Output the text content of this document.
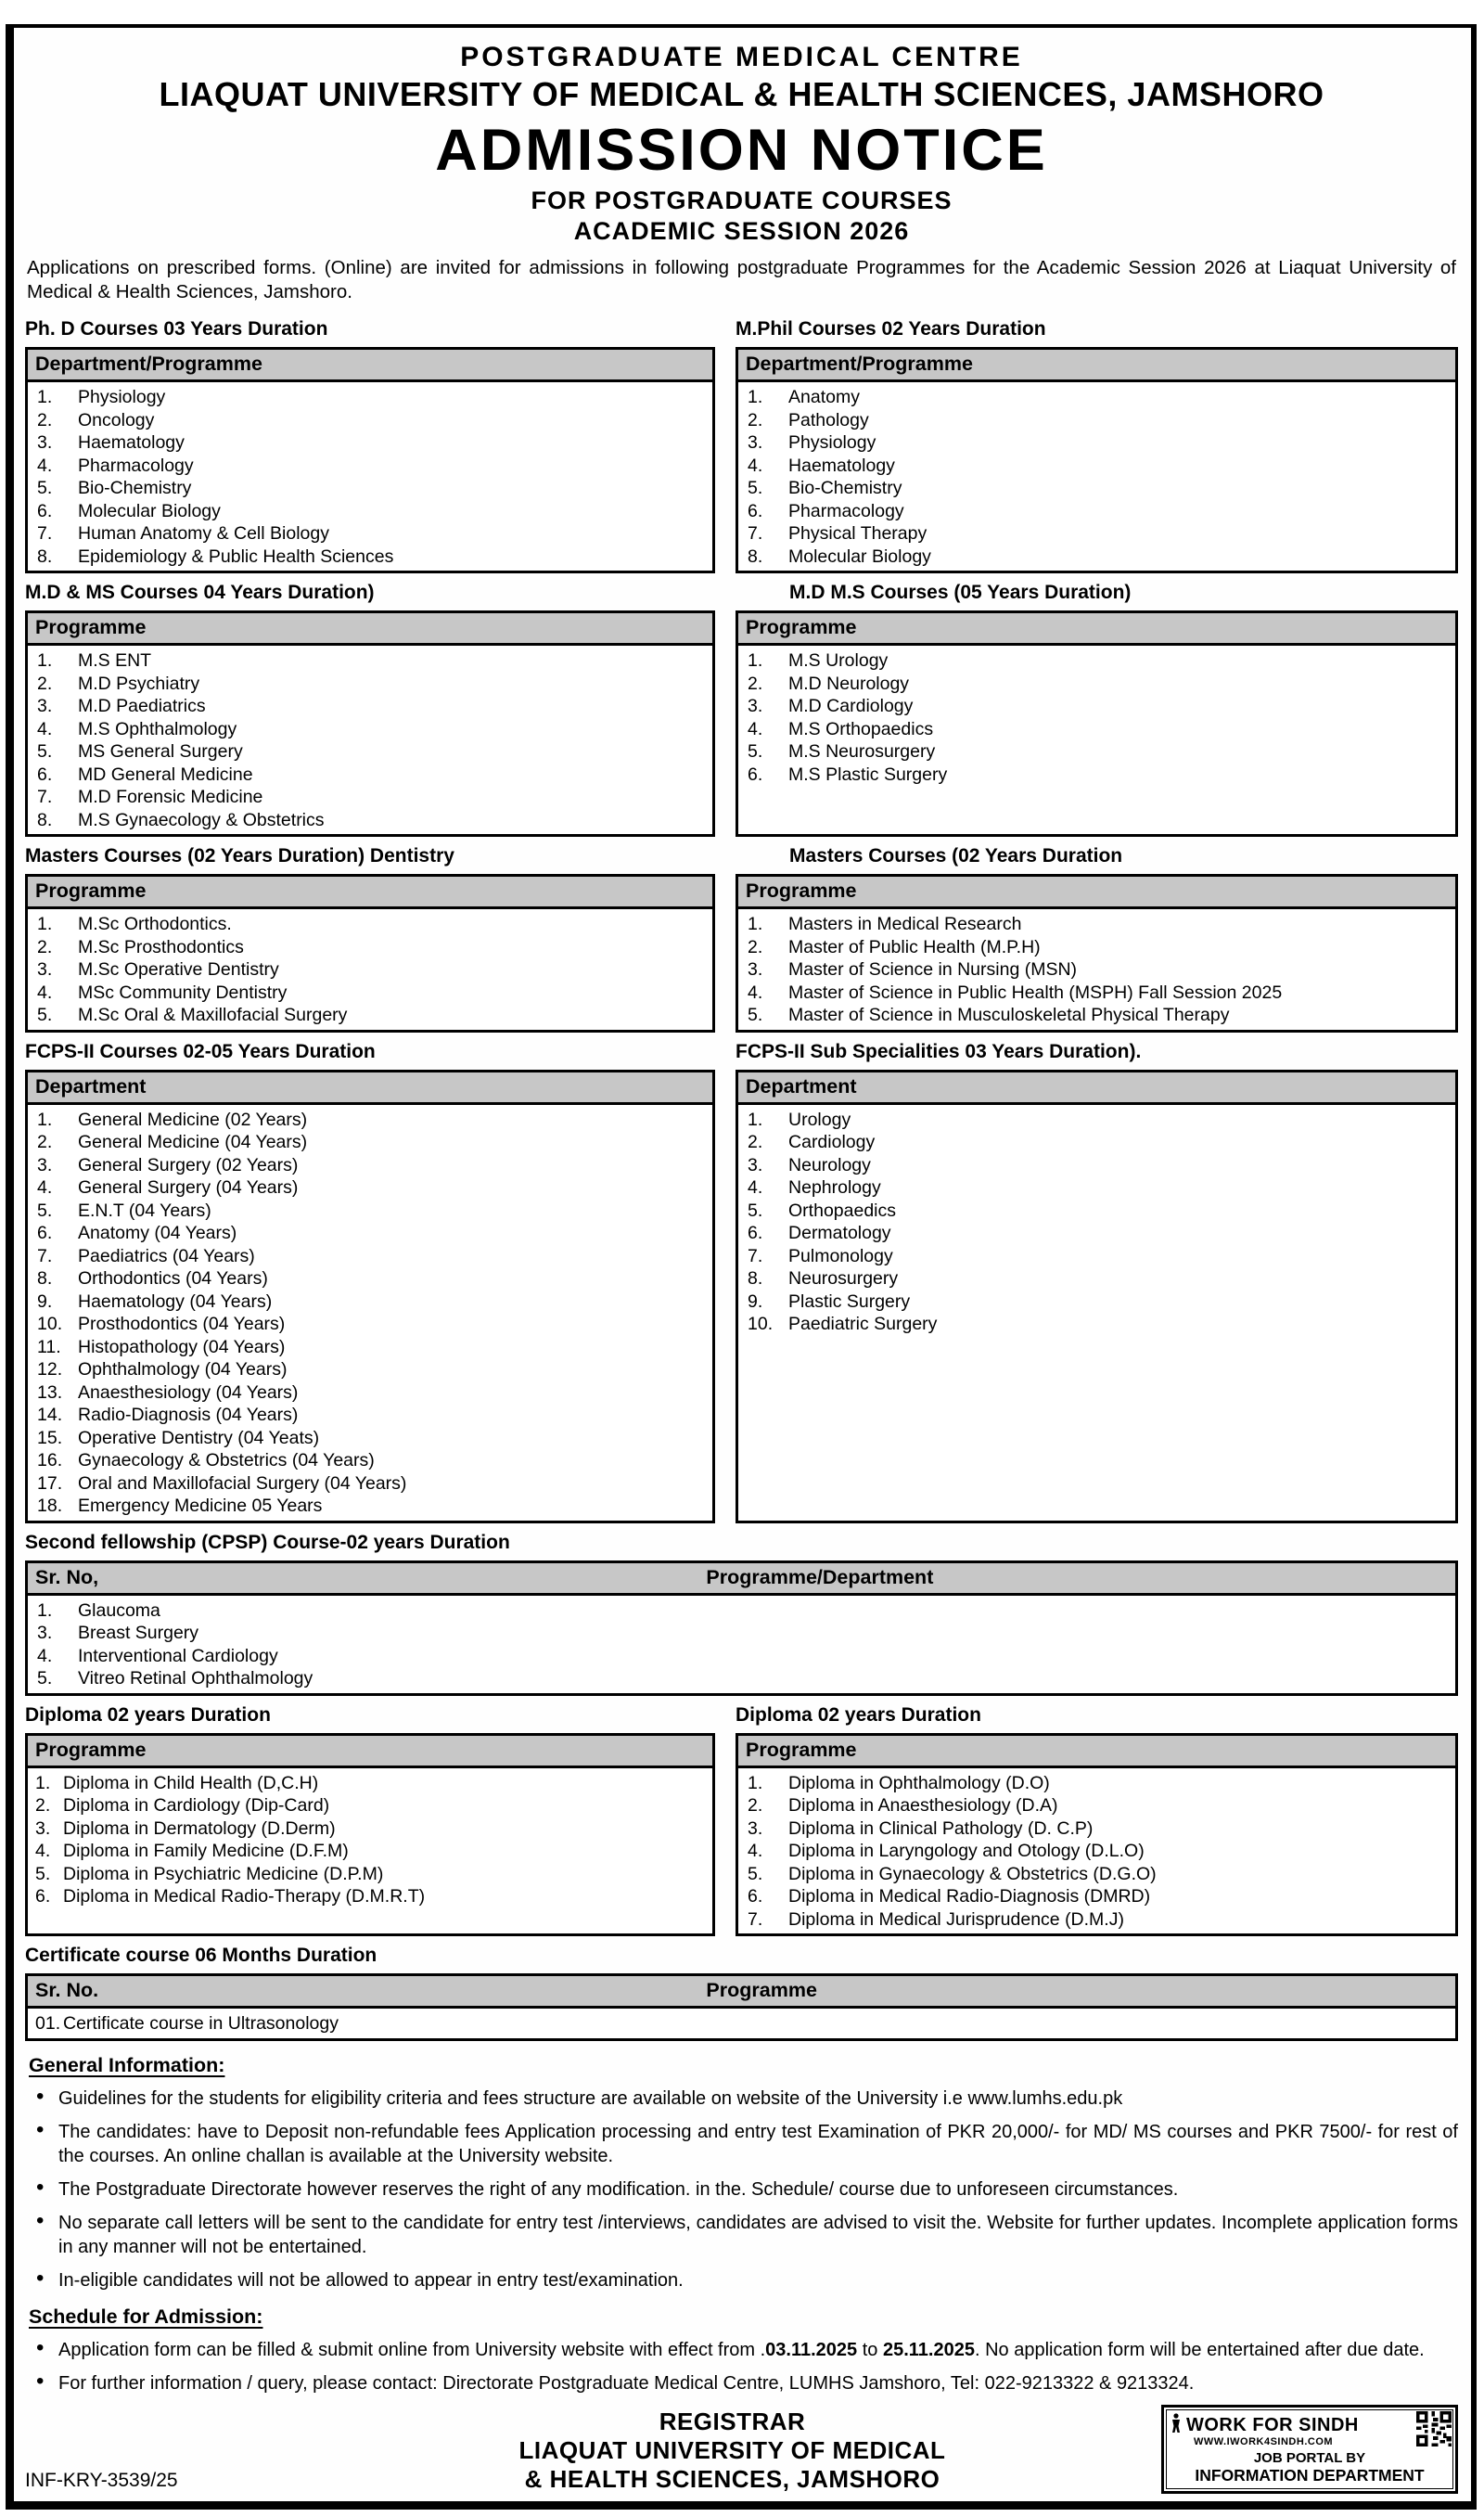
POSTGRADUATE MEDICAL CENTRE
LIAQUAT UNIVERSITY OF MEDICAL & HEALTH SCIENCES, JAMSHORO
ADMISSION NOTICE
FOR POSTGRADUATE COURSES
ACADEMIC SESSION 2026

Applications on prescribed forms. (Online) are invited for admissions in following postgraduate Programmes for the Academic Session 2026 at Liaquat University of Medical & Health Sciences, Jamshoro.

Ph. D Courses 03 Years Duration
Department/Programme
1.	Physiology
2.	Oncology
3.	Haematology
4.	Pharmacology
5.	Bio-Chemistry
6.	Molecular Biology
7.	Human Anatomy & Cell Biology
8.	Epidemiology & Public Health Sciences
M.Phil Courses 02 Years Duration
Department/Programme
1.	Anatomy
2.	Pathology
3.	Physiology
4.	Haematology
5.	Bio-Chemistry
6.	Pharmacology
7.	Physical Therapy
8.	Molecular Biology
M.D & MS Courses 04 Years Duration)
Programme
1.	M.S ENT
2.	M.D Psychiatry
3.	M.D Paediatrics
4.	M.S Ophthalmology
5.	MS General Surgery
6.	MD General Medicine
7.	M.D Forensic Medicine
8.	M.S Gynaecology & Obstetrics
M.D M.S Courses (05 Years Duration)
Programme
1.	M.S Urology
2.	M.D Neurology
3.	M.D Cardiology
4.	M.S Orthopaedics
5.	M.S Neurosurgery
6.	M.S Plastic Surgery
Masters Courses (02 Years Duration) Dentistry
Programme
1.	M.Sc Orthodontics.
2.	M.Sc Prosthodontics
3.	M.Sc Operative Dentistry
4.	MSc Community Dentistry
5.	M.Sc Oral & Maxillofacial Surgery
Masters Courses (02 Years Duration
Programme
1.	Masters in Medical Research
2.	Master of Public Health (M.P.H)
3.	Master of Science in Nursing (MSN)
4.	Master of Science in Public Health (MSPH) Fall Session 2025
5.	Master of Science in Musculoskeletal Physical Therapy
FCPS-II Courses 02-05 Years Duration
Department
1.	General Medicine (02 Years)
2.	General Medicine (04 Years)
3.	General Surgery (02 Years)
4.	General Surgery (04 Years)
5.	E.N.T (04 Years)
6.	Anatomy (04 Years)
7.	Paediatrics (04 Years)
8.	Orthodontics (04 Years)
9.	Haematology (04 Years)
10. Prosthodontics (04 Years)
11. Histopathology (04 Years)
12. Ophthalmology (04 Years)
13. Anaesthesiology (04 Years)
14. Radio-Diagnosis (04 Years)
15. Operative Dentistry (04 Yeats)
16. Gynaecology & Obstetrics (04 Years)
17. Oral and Maxillofacial Surgery (04 Years)
18. Emergency Medicine 05 Years
FCPS-II Sub Specialities 03 Years Duration).
Department
1.	Urology
2.	Cardiology
3.	Neurology
4.	Nephrology
5.	Orthopaedics
6.	Dermatology
7.	Pulmonology
8.	Neurosurgery
9.	Plastic Surgery
10. Paediatric Surgery
Second fellowship (CPSP) Course-02 years Duration
Sr. No,	Programme/Department
1.	Glaucoma
3.	Breast Surgery
4.	Interventional Cardiology
5.	Vitreo Retinal Ophthalmology
Diploma 02 years Duration
Programme
1. Diploma in Child Health (D,C.H)
2. Diploma in Cardiology (Dip-Card)
3. Diploma in Dermatology (D.Derm)
4. Diploma in Family Medicine (D.F.M)
5. Diploma in Psychiatric Medicine (D.P.M)
6. Diploma in Medical Radio-Therapy (D.M.R.T)
Diploma 02 years Duration
Programme
1.	Diploma in Ophthalmology (D.O)
2.	Diploma in Anaesthesiology (D.A)
3.	Diploma in Clinical Pathology (D. C.P)
4.	Diploma in Laryngology and Otology (D.L.O)
5.	Diploma in Gynaecology & Obstetrics (D.G.O)
6.	Diploma in Medical Radio-Diagnosis (DMRD)
7.	Diploma in Medical Jurisprudence (D.M.J)
Certificate course 06 Months Duration
Sr. No.	Programme
01. Certificate course in Ultrasonology
General Information:
• Guidelines for the students for eligibility criteria and fees structure are available on website of the University i.e www.lumhs.edu.pk
• The candidates: have to Deposit non-refundable fees Application processing and entry test Examination of PKR 20,000/- for MD/ MS courses and PKR 7500/- for rest of the courses. An online challan is available at the University website.
• The Postgraduate Directorate however reserves the right of any modification. in the. Schedule/ course due to unforeseen circumstances.
• No separate call letters will be sent to the candidate for entry test /interviews, candidates are advised to visit the. Website for further updates. Incomplete application forms in any manner will not be entertained.
• In-eligible candidates will not be allowed to appear in entry test/examination.
Schedule for Admission:
• Application form can be filled & submit online from University website with effect from .03.11.2025 to 25.11.2025. No application form will be entertained after due date.
• For further information / query, please contact: Directorate Postgraduate Medical Centre, LUMHS Jamshoro, Tel: 022-9213322 & 9213324.
INF-KRY-3539/25
REGISTRAR
LIAQUAT UNIVERSITY OF MEDICAL
& HEALTH SCIENCES, JAMSHORO
WORK FOR SINDH
WWW.IWORK4SINDH.COM
JOB PORTAL BY
INFORMATION DEPARTMENT
